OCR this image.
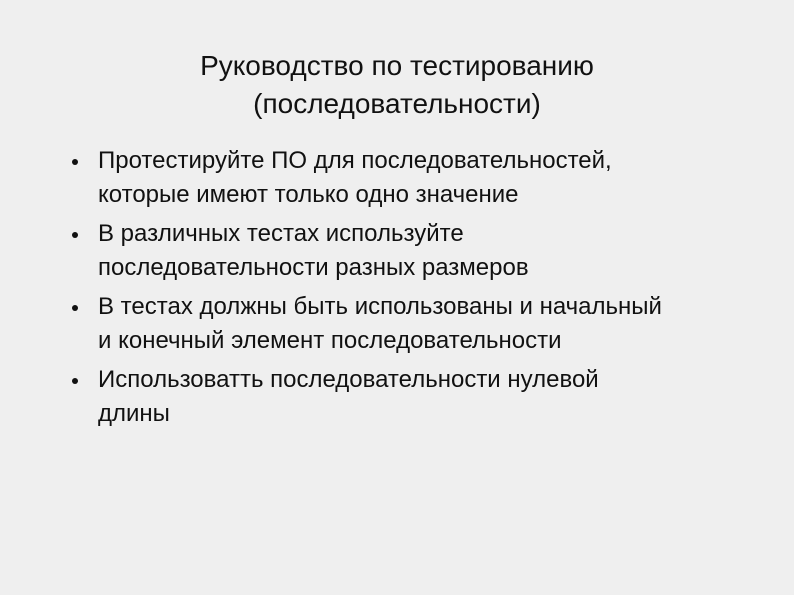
Руководство по тестированию
(последовательности)
Протестируйте ПО для последовательностей,
которые имеют только одно значение
В различных тестах используйте
последовательности разных размеров
В тестах должны быть использованы и начальный
и конечный элемент последовательности
Использоватть последовательности нулевой
длины
